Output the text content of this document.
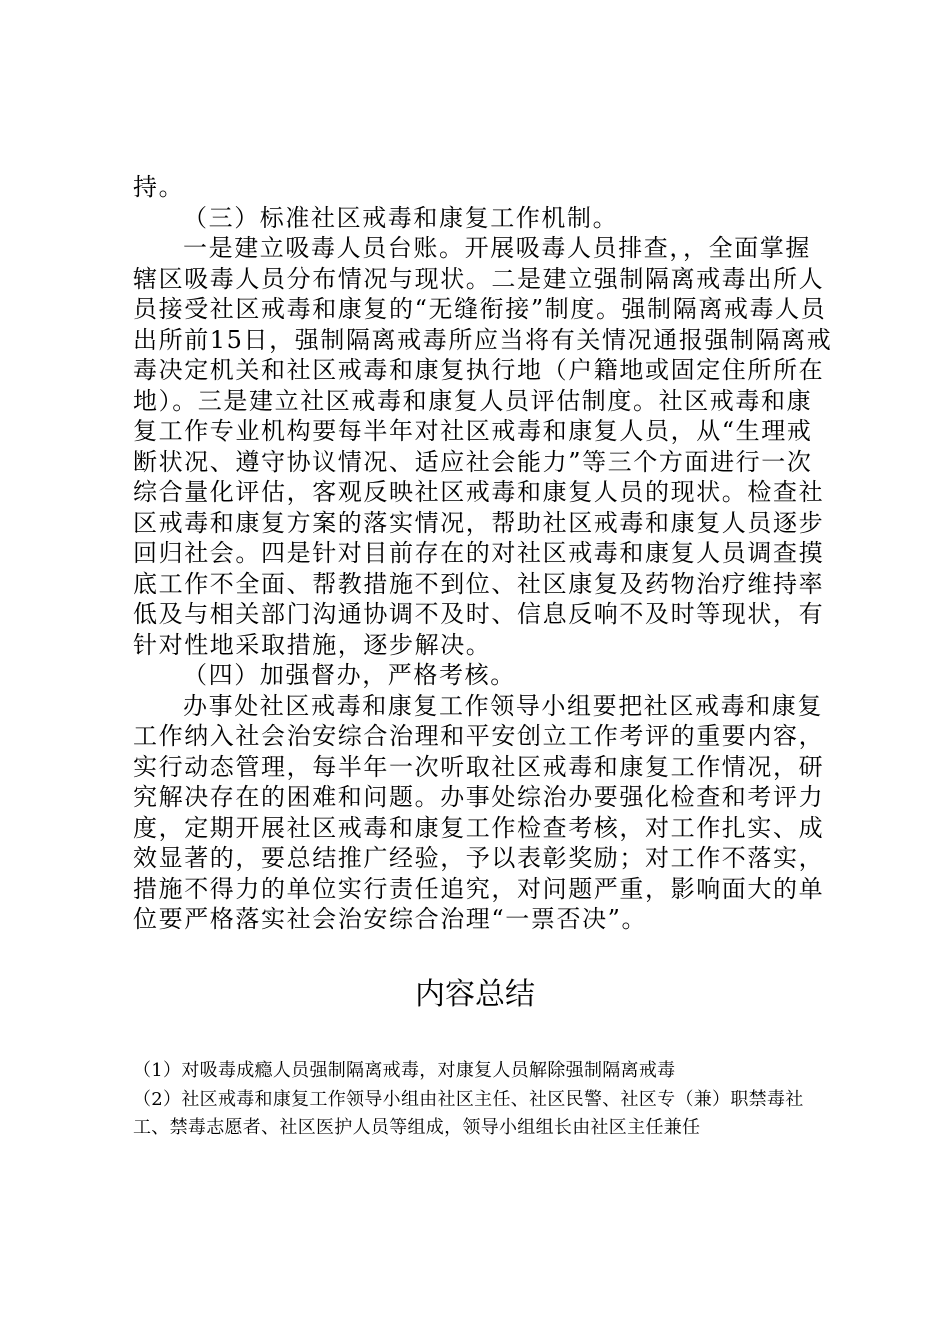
持。

（三）标准社区戒毒和康复工作机制。

一是建立吸毒人员台账。开展吸毒人员排查，，全面掌握辖区吸毒人员分布情况与现状。二是建立强制隔离戒毒出所人员接受社区戒毒和康复的“无缝衔接”制度。强制隔离戒毒人员出所前15日，强制隔离戒毒所应当将有关情况通报强制隔离戒毒决定机关和社区戒毒和康复执行地（户籍地或固定住所所在地）。三是建立社区戒毒和康复人员评估制度。社区戒毒和康复工作专业机构要每半年对社区戒毒和康复人员，从“生理戒断状况、遵守协议情况、适应社会能力”等三个方面进行一次综合量化评估，客观反映社区戒毒和康复人员的现状。检查社区戒毒和康复方案的落实情况，帮助社区戒毒和康复人员逐步回归社会。四是针对目前存在的对社区戒毒和康复人员调查摸底工作不全面、帮教措施不到位、社区康复及药物治疗维持率低及与相关部门沟通协调不及时、信息反响不及时等现状，有针对性地采取措施，逐步解决。

（四）加强督办，严格考核。

办事处社区戒毒和康复工作领导小组要把社区戒毒和康复工作纳入社会治安综合治理和平安创立工作考评的重要内容，实行动态管理，每半年一次听取社区戒毒和康复工作情况，研究解决存在的困难和问题。办事处综治办要强化检查和考评力度，定期开展社区戒毒和康复工作检查考核，对工作扎实、成效显著的，要总结推广经验，予以表彰奖励；对工作不落实，措施不得力的单位实行责任追究，对问题严重，影响面大的单位要严格落实社会治安综合治理“一票否决”。

内容总结

（1）对吸毒成瘾人员强制隔离戒毒，对康复人员解除强制隔离戒毒

（2）社区戒毒和康复工作领导小组由社区主任、社区民警、社区专（兼）职禁毒社工、禁毒志愿者、社区医护人员等组成，领导小组组长由社区主任兼任
